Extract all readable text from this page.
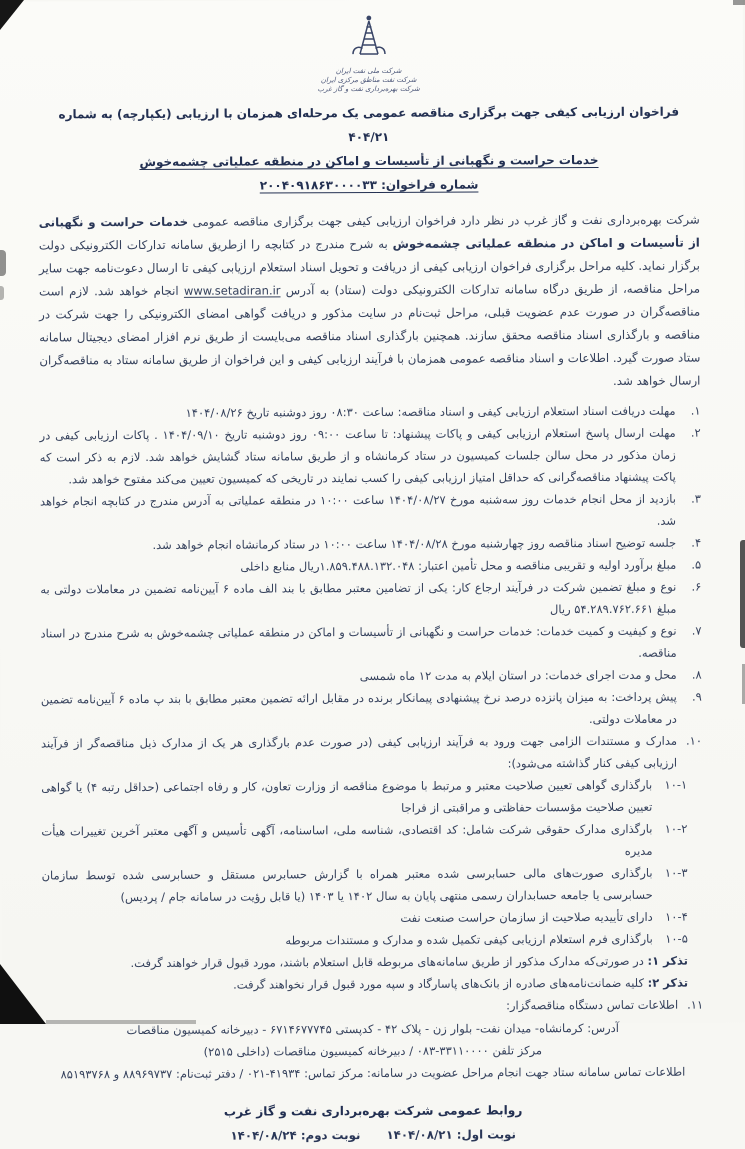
شرکت ملی نفت ایران
شرکت نفت مناطق مرکزی ایران
شرکت بهره‌برداری نفت و گاز غرب
فراخوان ارزیابی کیفی جهت برگزاری مناقصه عمومی یک مرحله‌ای همزمان با ارزیابی (یکپارچه) به شماره ۴۰۴/۲۱
خدمات حراست و نگهبانی از تأسیسات و اماکن در منطقه عملیاتی چشمه‌خوش
شماره فراخوان: ۲۰۰۴۰۹۱۸۶۳۰۰۰۰۳۳

شرکت بهره‌برداری نفت و گاز غرب در نظر دارد فراخوان ارزیابی کیفی جهت برگزاری مناقصه عمومی خدمات حراست و نگهبانی از تأسیسات و اماکن در منطقه عملیاتی چشمه‌خوش به شرح مندرج در کتابچه را ازطریق سامانه تدارکات الکترونیکی دولت برگزار نماید. کلیه مراحل برگزاری فراخوان ارزیابی کیفی از دریافت و تحویل اسناد استعلام ارزیابی کیفی تا ارسال دعوت‌نامه جهت سایر مراحل مناقصه، از طریق درگاه سامانه تدارکات الکترونیکی دولت (ستاد) به آدرس www.setadiran.ir انجام خواهد شد. لازم است مناقصه‌گران در صورت عدم عضویت قبلی، مراحل ثبت‌نام در سایت مذکور و دریافت گواهی امضای الکترونیکی را جهت شرکت در مناقصه و بارگذاری اسناد مناقصه محقق سازند. همچنین بارگذاری اسناد مناقصه می‌بایست از طریق نرم افزار امضای دیجیتال سامانه ستاد صورت گیرد. اطلاعات و اسناد مناقصه عمومی همزمان با فرآیند ارزیابی کیفی و این فراخوان از طریق سامانه ستاد به مناقصه‌گران ارسال خواهد شد.

۱.
مهلت دریافت اسناد استعلام ارزیابی کیفی و اسناد مناقصه: ساعت ۰۸:۳۰ روز دوشنبه تاریخ ۱۴۰۴/۰۸/۲۶
۲.
مهلت ارسال پاسخ استعلام ارزیابی کیفی و پاکات پیشنهاد: تا ساعت ۰۹:۰۰ روز دوشنبه تاریخ ۱۴۰۴/۰۹/۱۰ . پاکات ارزیابی کیفی در زمان مذکور در محل سالن جلسات کمیسیون در ستاد کرمانشاه و از طریق سامانه ستاد گشایش خواهد شد. لازم به ذکر است که پاکت پیشنهاد مناقصه‌گرانی که حداقل امتیاز ارزیابی کیفی را کسب نمایند در تاریخی که کمیسیون تعیین می‌کند مفتوح خواهد شد.
۳.
بازدید از محل انجام خدمات روز سه‌شنبه مورخ ۱۴۰۴/۰۸/۲۷ ساعت ۱۰:۰۰ در منطقه عملیاتی به آدرس مندرج در کتابچه انجام خواهد شد.
۴.
جلسه توضیح اسناد مناقصه روز چهارشنبه مورخ ۱۴۰۴/۰۸/۲۸ ساعت ۱۰:۰۰ در ستاد کرمانشاه انجام خواهد شد.
۵.
مبلغ برآورد اولیه و تقریبی مناقصه و محل تأمین اعتبار: ۱.۸۵۹.۴۸۸.۱۳۲.۰۴۸ریال منابع داخلی
۶.
نوع و مبلغ تضمین شرکت در فرآیند ارجاع کار: یکی از تضامین معتبر مطابق با بند الف ماده ۶ آیین‌نامه تضمین در معاملات دولتی به مبلغ ۵۴.۲۸۹.۷۶۲.۶۶۱ ریال
۷.
نوع و کیفیت و کمیت خدمات: خدمات حراست و نگهبانی از تأسیسات و اماکن در منطقه عملیاتی چشمه‌خوش به شرح مندرج در اسناد مناقصه.
۸.
محل و مدت اجرای خدمات: در استان ایلام به مدت ۱۲ ماه شمسی
۹.
پیش پرداخت: به میزان پانزده درصد نرخ پیشنهادی پیمانکار برنده در مقابل ارائه تضمین معتبر مطابق با بند پ ماده ۶ آیین‌نامه تضمین در معاملات دولتی.
۱۰.
مدارک و مستندات الزامی جهت ورود به فرآیند ارزیابی کیفی (در صورت عدم بارگذاری هر یک از مدارک ذیل مناقصه‌گر از فرآیند ارزیابی کیفی کنار گذاشته می‌شود):
۱۰-۱
بارگذاری گواهی تعیین صلاحیت معتبر و مرتبط با موضوع مناقصه از وزارت تعاون، کار و رفاه اجتماعی (حداقل رتبه ۴) یا گواهی تعیین صلاحیت مؤسسات حفاظتی و مراقبتی از فراجا
۱۰-۲
بارگذاری مدارک حقوقی شرکت شامل: کد اقتصادی، شناسه ملی، اساسنامه، آگهی تأسیس و آگهی معتبر آخرین تغییرات هیأت مدیره
۱۰-۳
بارگذاری صورت‌های مالی حسابرسی شده معتبر همراه با گزارش حسابرس مستقل و حسابرسی شده توسط سازمان حسابرسی یا جامعه حسابداران رسمی منتهی پایان به سال ۱۴۰۲ یا ۱۴۰۳ (یا قابل رؤیت در سامانه جام / پردیس)
۱۰-۴
دارای تأییدیه صلاحیت از سازمان حراست صنعت نفت
۱۰-۵
بارگذاری فرم استعلام ارزیابی کیفی تکمیل شده و مدارک و مستندات مربوطه
تذکر ۱: در صورتی‌که مدارک مذکور از طریق سامانه‌های مربوطه قابل استعلام باشند، مورد قبول قرار خواهند گرفت.
تذکر ۲: کلیه ضمانت‌نامه‌های صادره از بانک‌های پاسارگاد و سپه مورد قبول قرار نخواهند گرفت.
۱۱.
اطلاعات تماس دستگاه مناقصه‌گزار:
آدرس: کرمانشاه- میدان نفت- بلوار زن - پلاک ۴۲ - کدپستی ۶۷۱۴۶۷۷۷۴۵ - دبیرخانه کمیسیون مناقصات
مرکز تلفن ۰۸۳‎-‎۳۳۱۱۰۰۰۰ / دبیرخانه کمیسیون مناقصات (داخلی ۲۵۱۵)
اطلاعات تماس سامانه ستاد جهت انجام مراحل عضویت در سامانه: مرکز تماس: ۰۲۱‎-‎۴۱۹۳۴ / دفتر ثبت‌نام: ۸۸۹۶۹۷۳۷ و ۸۵۱۹۳۷۶۸
روابط عمومی شرکت بهره‌برداری نفت و گاز غرب
نوبت اول: ۱۴۰۴/۰۸/۲۱نوبت دوم: ۱۴۰۴/۰۸/۲۴
